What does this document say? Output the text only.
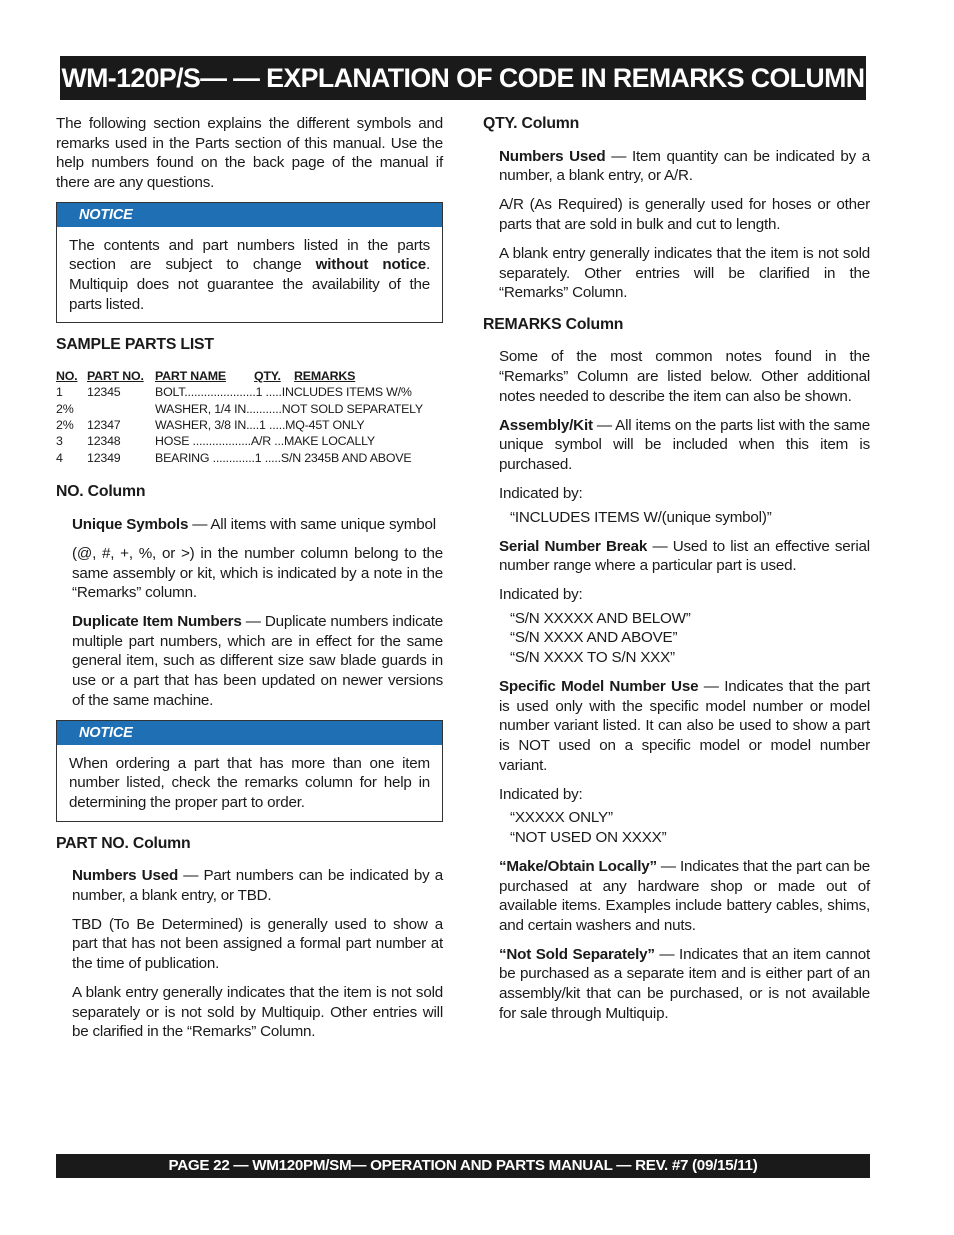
WM-120P/S— — EXPLANATION OF CODE IN REMARKS COLUMN

The following section explains the different symbols and remarks used in the Parts section of this manual. Use the help numbers found on the back page of the manual if there are any questions.

NOTICE

The contents and part numbers listed in the parts section are subject to change without notice. Multiquip does not guarantee the availability of the parts listed.

SAMPLE PARTS LIST
NO.	PART NO.	PART NAME	QTY.	REMARKS
1	12345	BOLT......................1 .....INCLUDES ITEMS W/%		
2%		WASHER, 1/4 IN...........NOT SOLD SEPARATELY		
2%	12347	WASHER, 3/8 IN....1 .....MQ-45T ONLY		
3	12348	HOSE ..................A/R ...MAKE LOCALLY		
4	12349	BEARING .............1 .....S/N 2345B AND ABOVE		
NO. Column

Unique Symbols — All items with same unique symbol

(@, #, +, %, or >) in the number column belong to the same assembly or kit, which is indicated by a note in the “Remarks” column.

Duplicate Item Numbers — Duplicate numbers indicate multiple part numbers, which are in effect for the same general item, such as different size saw blade guards in use or a part that has been updated on newer versions of the same machine.

NOTICE

When ordering a part that has more than one item number listed, check the remarks column for help in determining the proper part to order.

PART NO. Column

Numbers Used — Part numbers can be indicated by a number, a blank entry, or TBD.

TBD (To Be Determined) is generally used to show a part that has not been assigned a formal part number at the time of publication.

A blank entry generally indicates that the item is not sold separately or is not sold by Multiquip. Other entries will be clarified in the “Remarks” Column.

QTY. Column

Numbers Used — Item quantity can be indicated by a number, a blank entry, or A/R.

A/R (As Required) is generally used for hoses or other parts that are sold in bulk and cut to length.

A blank entry generally indicates that the item is not sold separately. Other entries will be clarified in the “Remarks” Column.

REMARKS Column

Some of the most common notes found in the “Remarks” Column are listed below. Other additional notes needed to describe the item can also be shown.

Assembly/Kit — All items on the parts list with the same unique symbol will be included when this item is purchased.

Indicated by:

“INCLUDES ITEMS W/(unique symbol)”

Serial Number Break — Used to list an effective serial number range where a particular part is used.

Indicated by:

“S/N XXXXX AND BELOW”

“S/N XXXX AND ABOVE”

“S/N XXXX TO S/N XXX”

Specific Model Number Use — Indicates that the part is used only with the specific model number or model number variant listed. It can also be used to show a part is NOT used on a specific model or model number variant.

Indicated by:

“XXXXX ONLY”

“NOT USED ON XXXX”

“Make/Obtain Locally” — Indicates that the part can be purchased at any hardware shop or made out of available items. Examples include battery cables, shims, and certain washers and nuts.

“Not Sold Separately” — Indicates that an item cannot be purchased as a separate item and is either part of an assembly/kit that can be purchased, or is not available for sale through Multiquip.

PAGE 22 — WM120PM/SM— OPERATION AND PARTS MANUAL — REV. #7 (09/15/11)
